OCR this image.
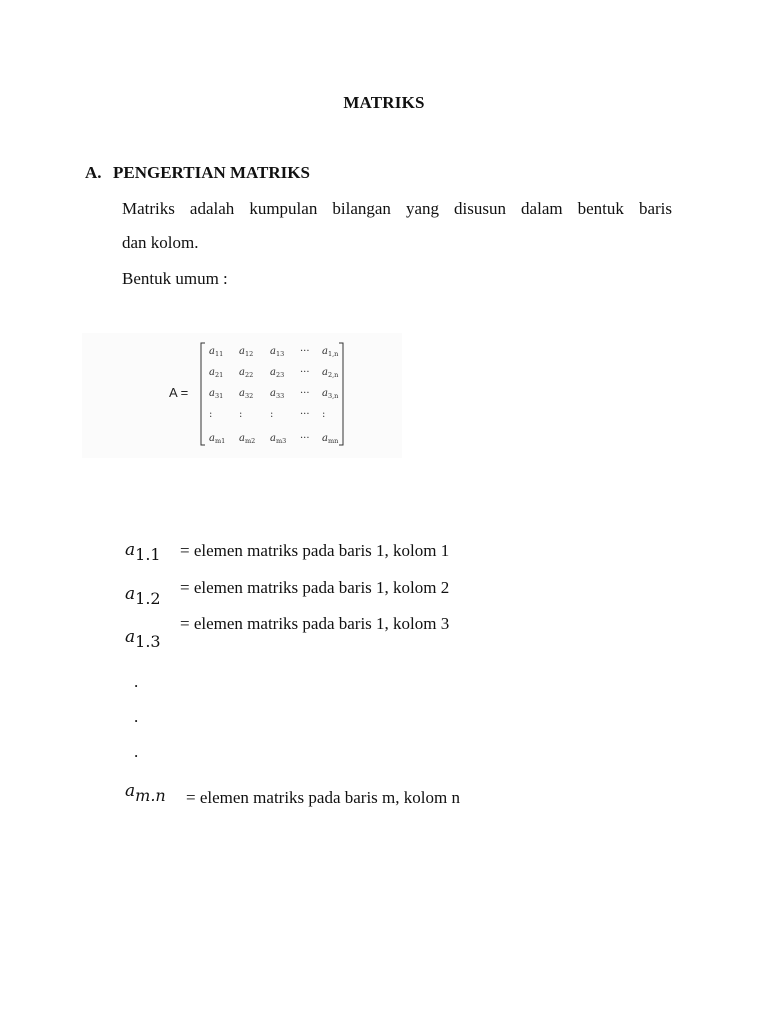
MATRIKS
A. PENGERTIAN MATRIKS
Matriks adalah kumpulan bilangan yang disusun dalam bentuk baris
dan kolom.
Bentuk umum :
A =
$a_{11}$ $a_{12}$ $a_{13}$ ··· $a_{1,n}$
$a_{21}$ $a_{22}$ $a_{23}$ ··· $a_{2,n}$
$a_{31}$ $a_{32}$ $a_{33}$ ··· $a_{3,n}$
:	:	:	··· :
$a_{m1}$ $a_{m2}$ $a_{m3}$ ··· $a_{mn}$
a1.1 = elemen matriks pada baris 1, kolom 1
a1.2
= elemen matriks pada baris 1, kolom 2
a1.3
= elemen matriks pada baris 1, kolom 3
.
.
.
am.n = elemen matriks pada baris m, kolom n
